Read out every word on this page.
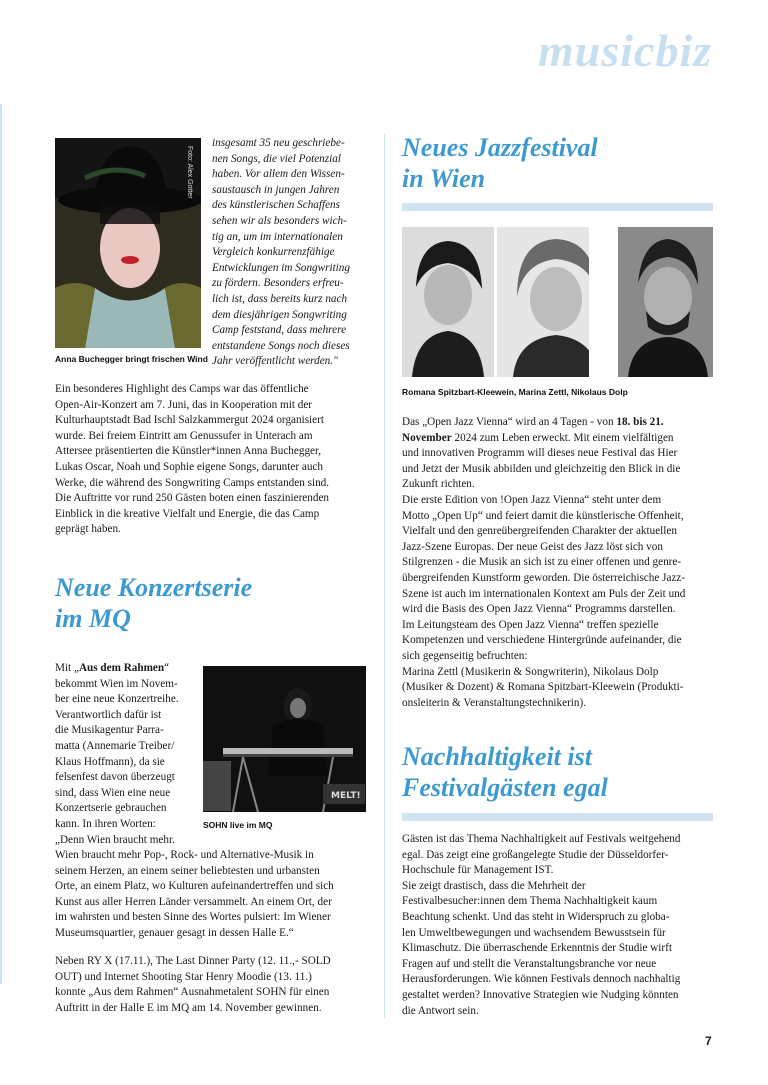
musicbiz
Foto: Alex Gotter
Anna Buchegger bringt frischen Wind

insgesamt 35 neu geschriebe-

nen Songs, die viel Potenzial

haben. Vor allem den Wissen-

saustausch in jungen Jahren

des künstlerischen Schaffens

sehen wir als besonders wich-

tig an, um im internationalen

Vergleich konkurrenzfähige

Entwicklungen im Songwriting

zu fördern. Besonders erfreu-

lich ist, dass bereits kurz nach

dem diesjährigen Songwriting

Camp feststand, dass mehrere

entstandene Songs noch dieses

Jahr veröffentlicht werden."

Ein besonderes Highlight des Camps war das öffentliche

Open-Air-Konzert am 7. Juni, das in Kooperation mit der

Kulturhauptstadt Bad Ischl Salzkammergut 2024 organisiert

wurde. Bei freiem Eintritt am Genussufer in Unterach am

Attersee präsentierten die Künstler*innen Anna Buchegger,

Lukas Oscar, Noah und Sophie eigene Songs, darunter auch

Werke, die während des Songwriting Camps entstanden sind.

Die Auftritte vor rund 250 Gästen boten einen faszinierenden

Einblick in die kreative Vielfalt und Energie, die das Camp

geprägt haben.

Neue Konzertserie
im MQ

Mit „Aus dem Rahmen“

bekommt Wien im Novem-

ber eine neue Konzertreihe.

Verantwortlich dafür ist

die Musikagentur Parra-

matta (Annemarie Treiber/

Klaus Hoffmann), da sie

felsenfest davon überzeugt

sind, dass Wien eine neue

Konzertserie gebrauchen

kann. In ihren Worten:

„Denn Wien braucht mehr.

MELT!
SOHN live im MQ

Wien braucht mehr Pop-, Rock- und Alternative-Musik in

seinem Herzen, an einem seiner beliebtesten und urbansten

Orte, an einem Platz, wo Kulturen aufeinandertreffen und sich

Kunst aus aller Herren Länder versammelt. An einem Ort, der

im wahrsten und besten Sinne des Wortes pulsiert: Im Wiener

Museumsquartier, genauer gesagt in dessen Halle E.“

Neben RY X (17.11.), The Last Dinner Party (12. 11.,- SOLD

OUT) und Internet Shooting Star Henry Moodie (13. 11.)

konnte „Aus dem Rahmen“ Ausnahmetalent SOHN für einen

Auftritt in der Halle E im MQ am 14. November gewinnen.

Neues Jazzfestival
in Wien
Romana Spitzbart-Kleewein, Marina Zettl, Nikolaus Dolp

Das „Open Jazz Vienna“ wird an 4 Tagen - von 18. bis 21.

November 2024 zum Leben erweckt. Mit einem vielfältigen

und innovativen Programm will dieses neue Festival das Hier

und Jetzt der Musik abbilden und gleichzeitig den Blick in die

Zukunft richten.

Die erste Edition von !Open Jazz Vienna“ steht unter dem

Motto „Open Up“ und feiert damit die künstlerische Offenheit,

Vielfalt und den genreübergreifenden Charakter der aktuellen

Jazz-Szene Europas. Der neue Geist des Jazz löst sich von

Stilgrenzen - die Musik an sich ist zu einer offenen und genre-

übergreifenden Kunstform geworden. Die österreichische Jazz-

Szene ist auch im internationalen Kontext am Puls der Zeit und

wird die Basis des Open Jazz Vienna“ Programms darstellen.

Im Leitungsteam des Open Jazz Vienna“ treffen spezielle

Kompetenzen und verschiedene Hintergründe aufeinander, die

sich gegenseitig befruchten:

Marina Zettl (Musikerin & Songwriterin), Nikolaus Dolp

(Musiker & Dozent) & Romana Spitzbart-Kleewein (Produkti-

onsleiterin & Veranstaltungstechnikerin).

Nachhaltigkeit ist
Festivalgästen egal

Gästen ist das Thema Nachhaltigkeit auf Festivals weitgehend

egal. Das zeigt eine großangelegte Studie der Düsseldorfer-

Hochschule für Management IST.

Sie zeigt drastisch, dass die Mehrheit der

Festivalbesucher:innen dem Thema Nachhaltigkeit kaum

Beachtung schenkt. Und das steht in Widerspruch zu globa-

len Umweltbewegungen und wachsendem Bewusstsein für

Klimaschutz. Die überraschende Erkenntnis der Studie wirft

Fragen auf und stellt die Veranstaltungsbranche vor neue

Herausforderungen. Wie können Festivals dennoch nachhaltig

gestaltet werden? Innovative Strategien wie Nudging könnten

die Antwort sein.

7
